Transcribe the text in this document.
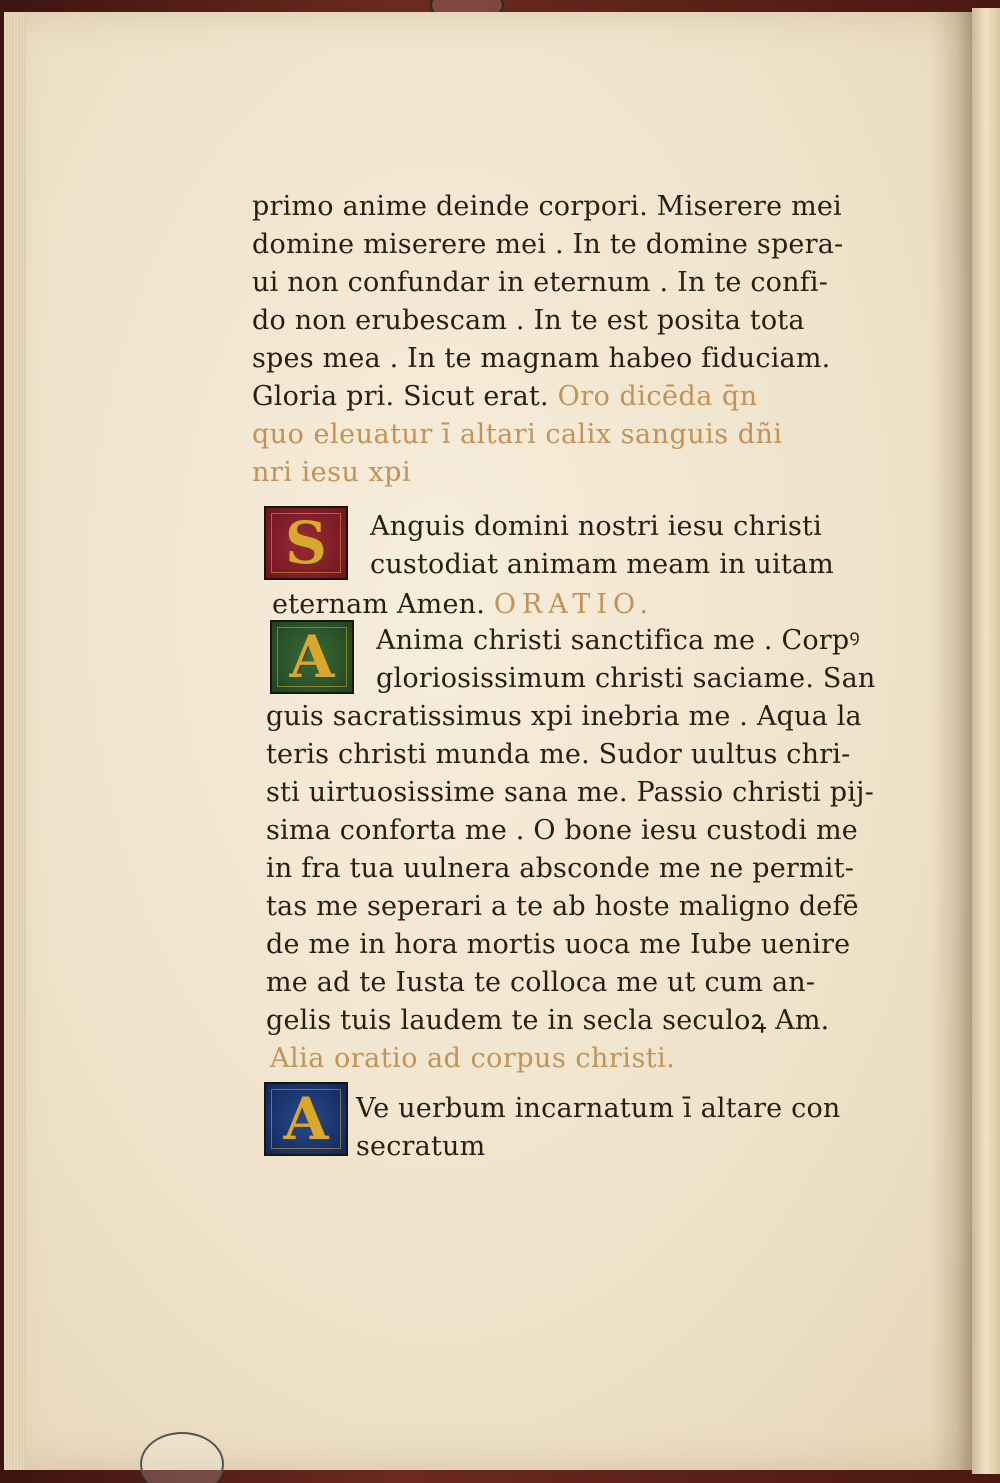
primo anime deinde corpori. Miserere mei
domine miserere mei . In te domine spera-
ui non confundar in eternum . In te confi-
do non erubescam . In te est posita tota
spes mea . In te magnam habeo fiduciam.
Gloria pri. Sicut erat. Oro dicēda q̄n
quo eleuatur ī altari calix sanguis dñi
nri iesu xpi
S Anguis domini nostri iesu christi
custodiat animam meam in uitam
eternam Amen. ORATIO.
A Anima christi sanctifica me . Corpꝰ
gloriosissimum christi saciame. San
guis sacratissimus xpi inebria me . Aqua la
teris christi munda me. Sudor uultus chri-
sti uirtuosissime sana me. Passio christi pij-
sima conforta me . O bone iesu custodi me
in fra tua uulnera absconde me ne permit-
tas me seperari a te ab hoste maligno defē
de me in hora mortis uoca me Iube uenire
me ad te Iusta te colloca me ut cum an-
gelis tuis laudem te in secla seculoꝝ Am.
Alia oratio ad corpus christi.
A Ve uerbum incarnatum ī altare con
secratum
